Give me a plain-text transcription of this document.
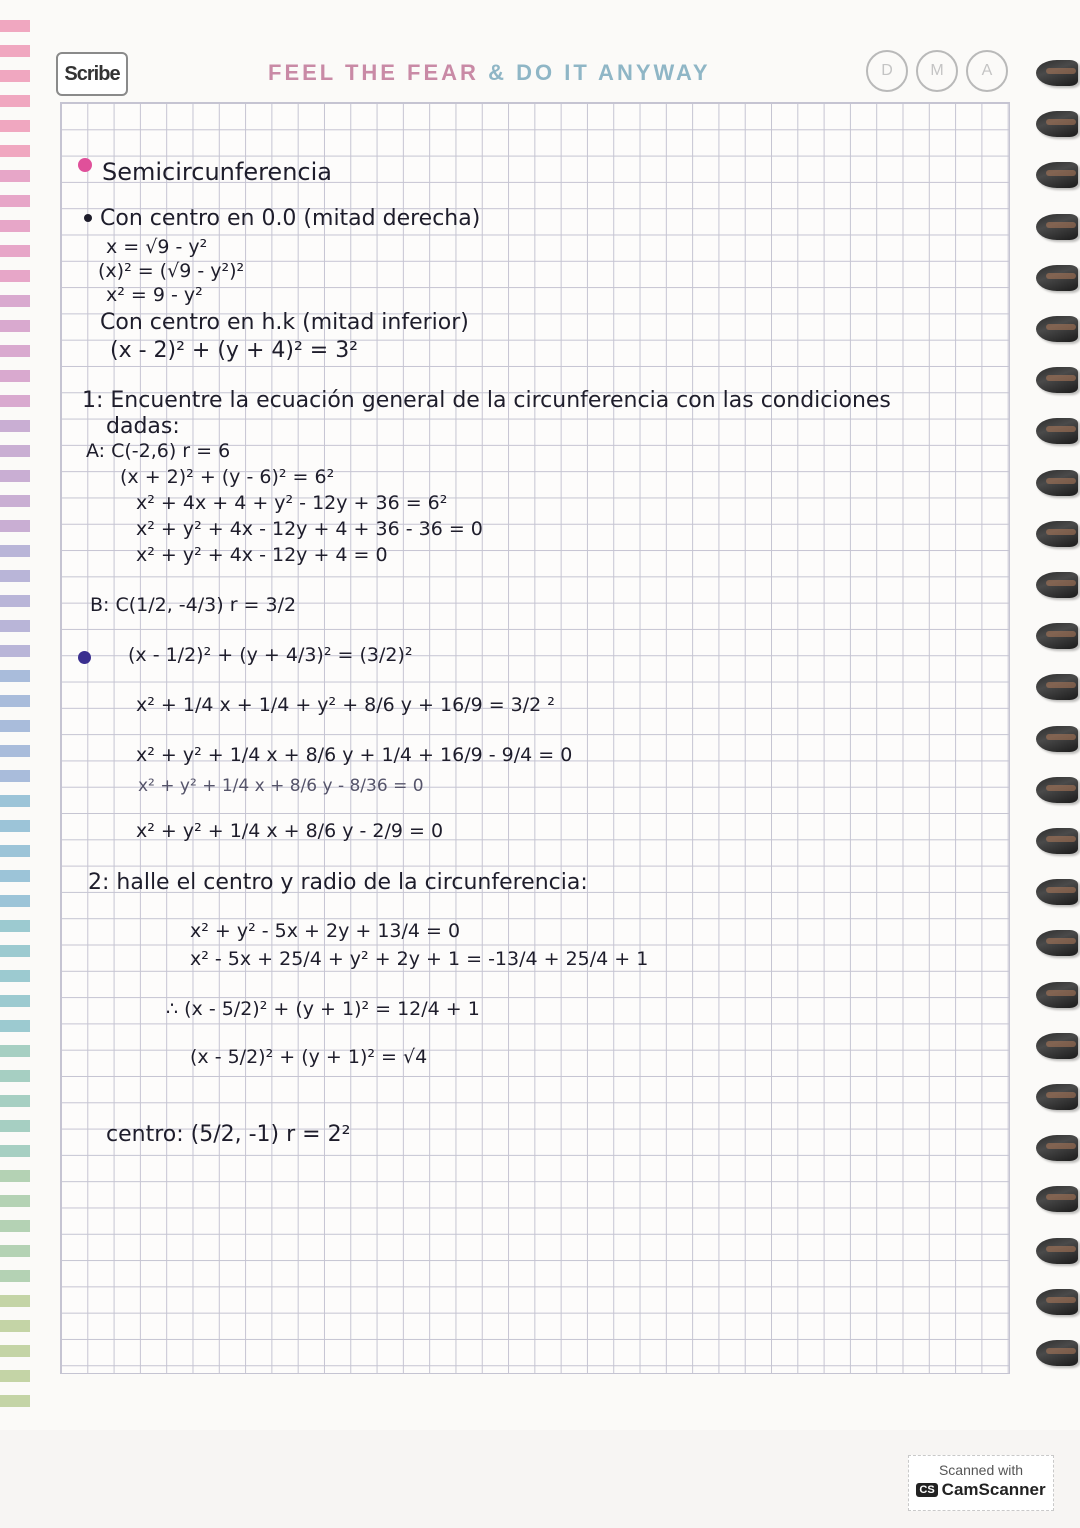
Scribe	FEEL THE FEAR & DO IT ANYWAY	D	M	A
Semicircunferencia
Con centro en 0.0 (mitad derecha)
x = √9 - y²
(x)² = (√9 - y²)²
x² = 9 - y²
Con centro en h.k (mitad inferior)
(x - 2)² + (y + 4)² = 3²
1: Encuentre la ecuación general de la circunferencia con las condiciones
dadas:
A: C(-2,6) r = 6
(x + 2)² + (y - 6)² = 6²
x² + 4x + 4 + y² - 12y + 36 = 6²
x² + y² + 4x - 12y + 4 + 36 - 36 = 0
x² + y² + 4x - 12y + 4 = 0
B: C(1/2, -4/3) r = 3/2
(x - 1/2)² + (y + 4/3)² = (3/2)²
x² + 1/4 x + 1/4 + y² + 8/6 y + 16/9 = 3/2 ²
x² + y² + 1/4 x + 8/6 y + 1/4 + 16/9 - 9/4 = 0
x² + y² + 1/4 x + 8/6 y - 8/36 = 0
x² + y² + 1/4 x + 8/6 y - 2/9 = 0
2: halle el centro y radio de la circunferencia:
x² + y² - 5x + 2y + 13/4 = 0
x² - 5x + 25/4 + y² + 2y + 1 = -13/4 + 25/4 + 1
∴ (x - 5/2)² + (y + 1)² = 12/4 + 1
(x - 5/2)² + (y + 1)² = √4
centro: (5/2, -1) r = 2²
Scanned with
CS CamScanner
